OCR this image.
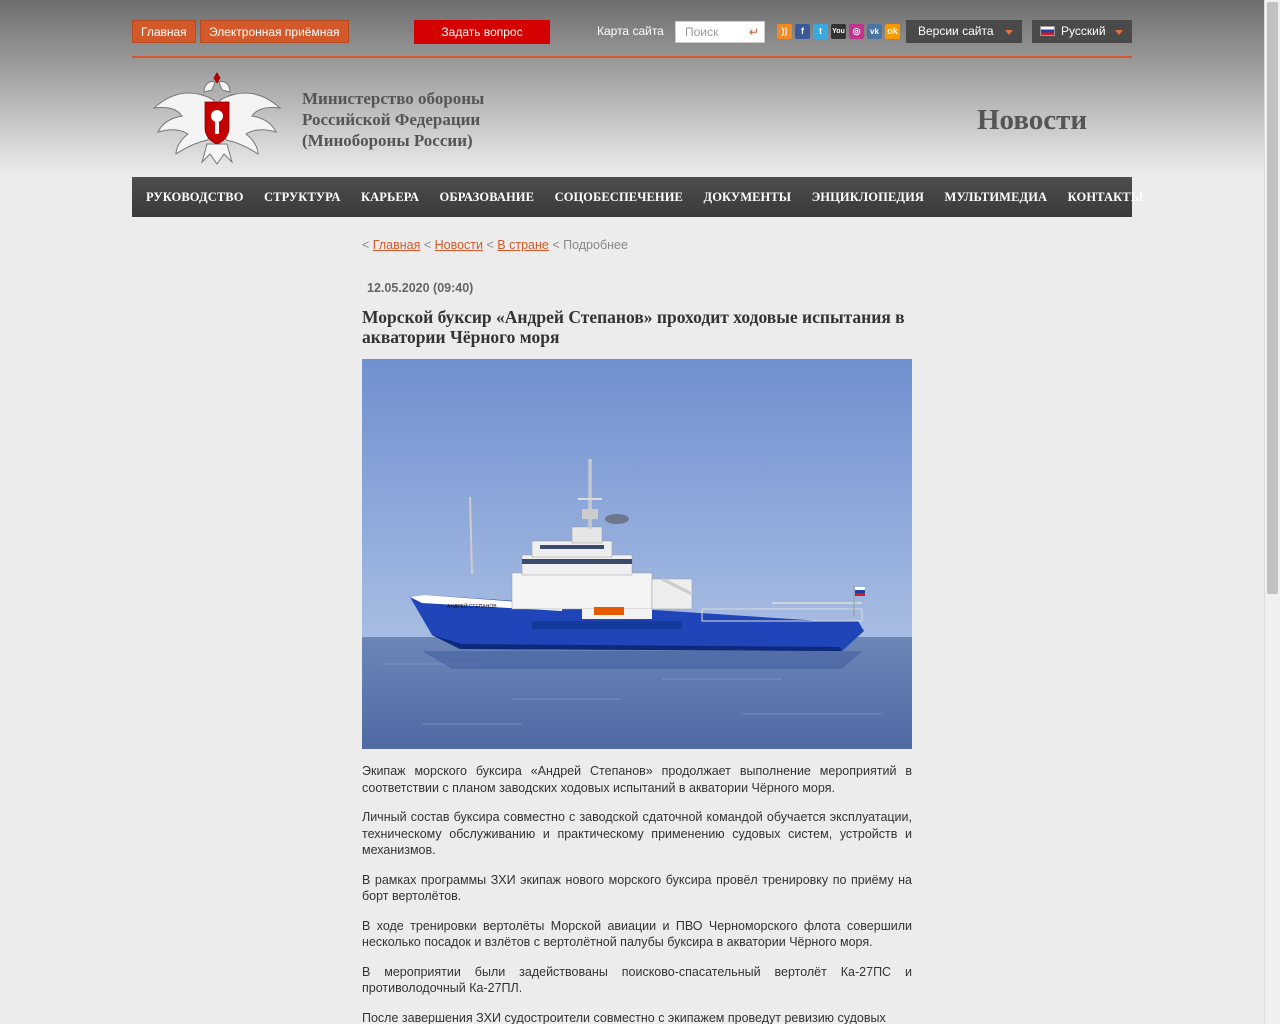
Главная	Электронная приёмная	Задать вопрос	Карта сайта	Поиск	↵	))	f	t	You ◎	vk ok	Версии сайта	Русский
Министерство обороны
Российской Федерации
(Минобороны России)
Новости
РУКОВОДСТВО СТРУКТУРА КАРЬЕРА ОБРАЗОВАНИЕ СОЦОБЕСПЕЧЕНИЕ ДОКУМЕНТЫ ЭНЦИКЛОПЕДИЯ МУЛЬТИМЕДИА КОНТАКТЫ
< Главная < Новости < В стране < Подробнее
12.05.2020 (09:40)
Морской буксир «Андрей Степанов» проходит ходовые испытания в акватории Чёрного моря
АНДРЕЙ СТЕПАНОВ

Экипаж морского буксира «Андрей Степанов» продолжает выполнение мероприятий в соответствии с планом заводских ходовых испытаний в акватории Чёрного моря.

Личный состав буксира совместно с заводской сдаточной командой обучается эксплуатации, техническому обслуживанию и практическому применению судовых систем, устройств и механизмов.

В рамках программы ЗХИ экипаж нового морского буксира провёл тренировку по приёму на борт вертолётов.

В ходе тренировки вертолёты Морской авиации и ПВО Черноморского флота совершили несколько посадок и взлётов с вертолётной палубы буксира в акватории Чёрного моря.

В мероприятии были задействованы поисково-спасательный вертолёт Ка-27ПС и противолодочный Ка-27ПЛ.

После завершения ЗХИ судостроители совместно с экипажем проведут ревизию судовых
